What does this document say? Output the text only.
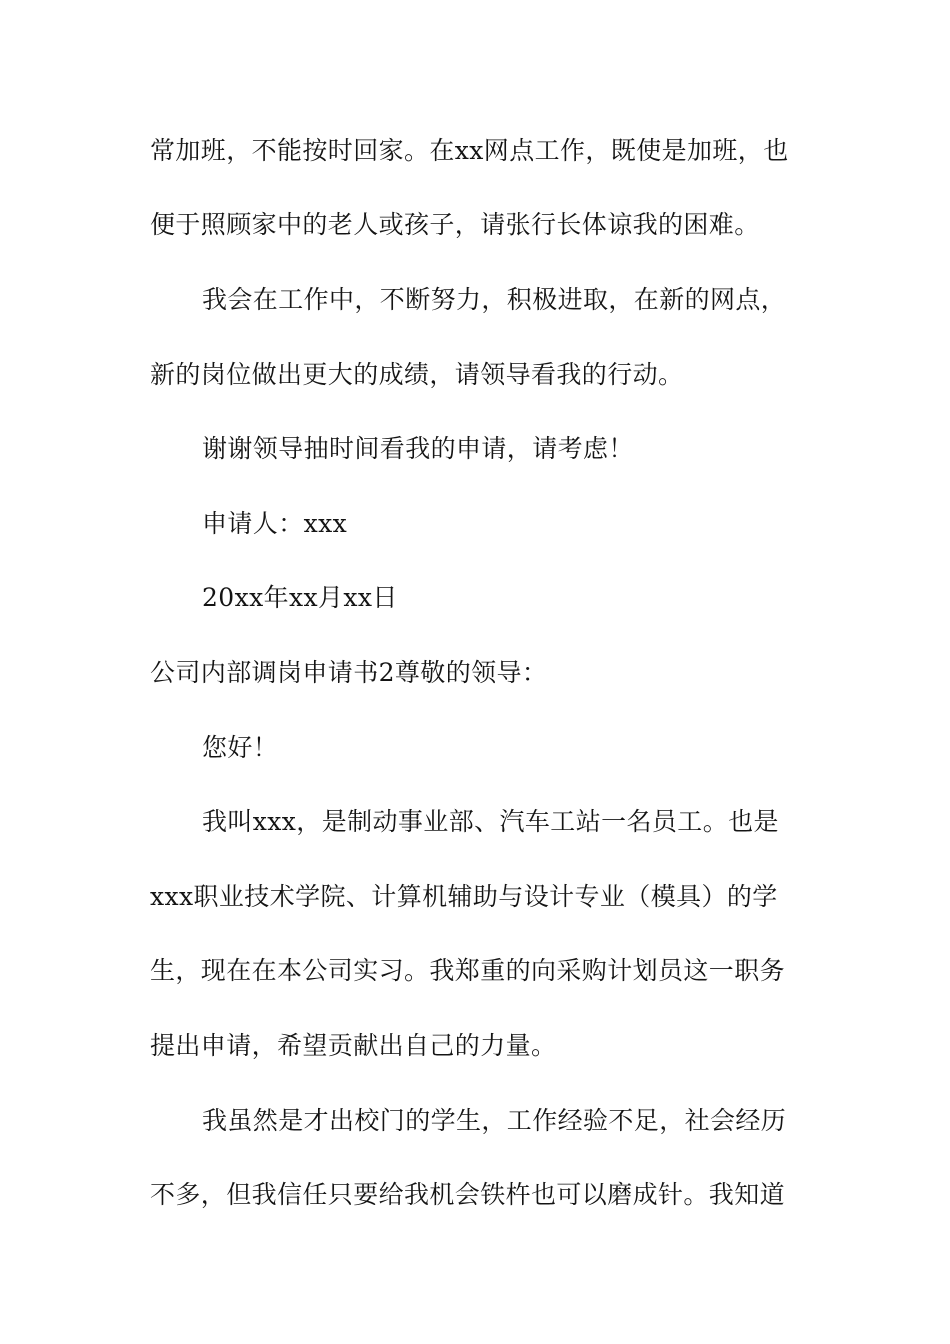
常加班，不能按时回家。在xx网点工作，既使是加班，也

便于照顾家中的老人或孩子，请张行长体谅我的困难。

我会在工作中，不断努力，积极进取，在新的网点，

新的岗位做出更大的成绩，请领导看我的行动。

谢谢领导抽时间看我的申请，请考虑！

申请人：xxx

20xx年xx月xx日

公司内部调岗申请书2尊敬的领导：

您好！

我叫xxx，是制动事业部、汽车工站一名员工。也是

xxx职业技术学院、计算机辅助与设计专业（模具）的学

生，现在在本公司实习。我郑重的向采购计划员这一职务

提出申请，希望贡献出自己的力量。

我虽然是才出校门的学生，工作经验不足，社会经历

不多，但我信任只要给我机会铁杵也可以磨成针。我知道
